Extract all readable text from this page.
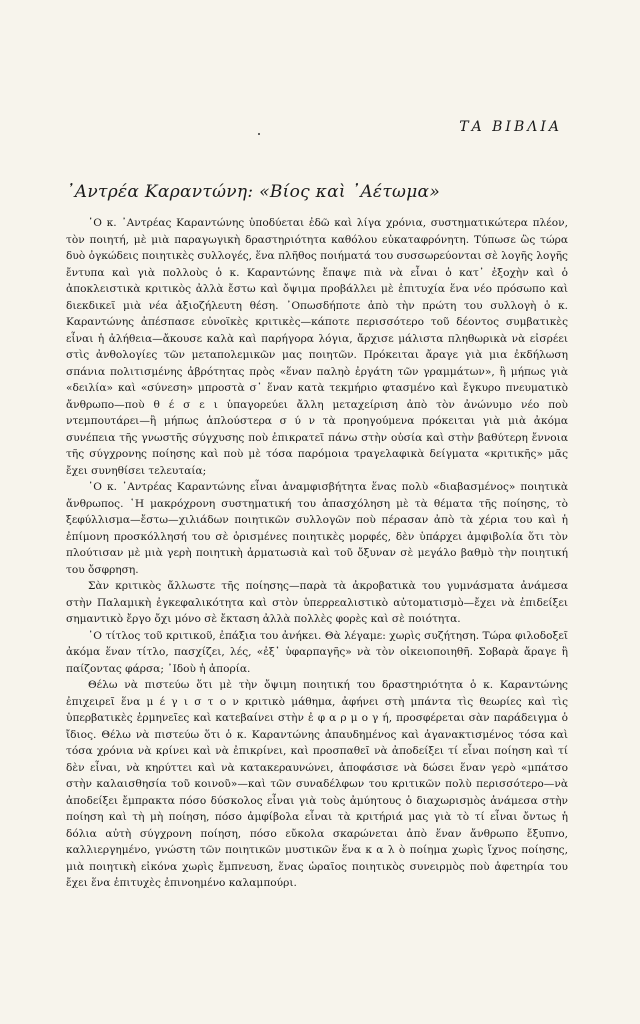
ΤΑ ΒΙΒΛΙΑ
᾽Αντρέα Καραντώνη: «Βίος καὶ ᾽Αέτωμα»

῾Ο κ. ᾽Αντρέας Καραντώνης ὑποδύεται ἐδῶ καὶ λίγα χρόνια, συστηματικώτερα πλέον, τὸν ποιητή, μὲ μιὰ παραγωγικὴ δραστηριότητα καθόλου εὐκαταφρόνητη. Τύπωσε ὣς τώρα δυὸ ὀγκώδεις ποιητικὲς συλλογές, ἕνα πλῆθος ποιήματά του συσσωρεύονται σὲ λογῆς λογῆς ἔντυπα καὶ γιὰ πολλοὺς ὁ κ. Καραντώνης ἔπαψε πιὰ νὰ εἶναι ὁ κατ᾽ ἐξοχὴν καὶ ὁ ἀποκλειστικὰ κριτικὸς ἀλλὰ ἔστω καὶ ὄψιμα προβάλλει μὲ ἐπιτυχία ἕνα νέο πρόσωπο καὶ διεκδικεῖ μιὰ νέα ἀξιοζήλευτη θέση. ᾽Οπωσδήποτε ἀπὸ τὴν πρώτη του συλλογὴ ὁ κ. Καραντώνης ἀπέσπασε εὐνοϊκὲς κριτικὲς—κάποτε περισσότερο τοῦ δέοντος συμβατικὲς εἶναι ἡ ἀλήθεια—ἄκουσε καλὰ καὶ παρήγορα λόγια, ἄρχισε μάλιστα πληθωρικὰ νὰ εἰσρέει στὶς ἀνθολογίες τῶν μεταπολεμικῶν μας ποιητῶν. Πρόκειται ἄραγε γιὰ μια ἐκδήλωση σπάνια πολιτισμένης ἀβρότητας πρὸς «ἕναν παληὸ ἐργάτη τῶν γραμμάτων», ἢ μήπως γιὰ «δειλία» καὶ «σύνεση» μπροστὰ σ᾽ ἕναν κατὰ τεκμήριο φτασμένο καὶ ἔγκυρο πνευματικὸ ἄνθρωπο—ποὺ θ έ σ ε ι ὑπαγορεύει ἄλλη μεταχείριση ἀπὸ τὸν ἀνώνυμο νέο ποὺ ντεμπουτάρει—ἢ μήπως ἁπλούστερα σ ύ ν τὰ προηγούμενα πρόκειται γιὰ μιὰ ἀκόμα συνέπεια τῆς γνωστῆς σύγχυσης ποὺ ἐπικρατεῖ πάνω στὴν οὐσία καὶ στὴν βαθύτερη ἔννοια τῆς σύγχρονης ποίησης καὶ ποὺ μὲ τόσα παρόμοια τραγελαφικὰ δείγματα «κριτικῆς» μᾶς ἔχει συνηθίσει τελευταία;

῾Ο κ. ᾽Αντρέας Καραντώνης εἶναι ἀναμφισβήτητα ἕνας πολὺ «διαβασμένος» ποιητικὰ ἄνθρωπος. ῾Η μακρόχρονη συστηματική του ἀπασχόληση μὲ τὰ θέματα τῆς ποίησης, τὸ ξεφύλλισμα—ἔστω—χιλιάδων ποιητικῶν συλλογῶν ποὺ πέρασαν ἀπὸ τὰ χέρια του καὶ ἡ ἐπίμονη προσκόλλησή του σὲ ὁρισμένες ποιητικὲς μορφές, δὲν ὑπάρχει ἀμφιβολία ὅτι τὸν πλούτισαν μὲ μιὰ γερὴ ποιητικὴ ἁρματωσιὰ καὶ τοῦ ὄξυναν σὲ μεγάλο βαθμὸ τὴν ποιητική του ὄσφρηση.

Σὰν κριτικὸς ἄλλωστε τῆς ποίησης—παρὰ τὰ ἀκροβατικὰ του γυμνάσματα ἀνάμεσα στὴν Παλαμικὴ ἐγκεφαλικότητα καὶ στὸν ὑπερρεαλιστικὸ αὐτοματισμὸ—ἔχει νὰ ἐπιδείξει σημαντικὸ ἔργο ὄχι μόνο σὲ ἔκταση ἀλλὰ πολλὲς φορὲς καὶ σὲ ποιότητα.

῾Ο τίτλος τοῦ κριτικοῦ, ἐπάξια του ἀνήκει. Θὰ λέγαμε: χωρὶς συζήτηση. Τώρα φιλοδοξεῖ ἀκόμα ἕναν τίτλο, πασχίζει, λές, «ἐξ᾽ ὑφαρπαγῆς» νὰ τὸν οἰκειοποιηθῆ. Σοβαρὰ ἄραγε ἢ παίζοντας φάρσα; ᾽Ιδοὺ ἡ ἀπορία.

Θέλω νὰ πιστεύω ὅτι μὲ τὴν ὄψιμη ποιητική του δραστηριότητα ὁ κ. Καραντώνης ἐπιχειρεῖ ἕνα μ έ γ ι σ τ ο ν κριτικὸ μάθημα, ἀφήνει στὴ μπάντα τὶς θεωρίες καὶ τὶς ὑπερβατικὲς ἑρμηνεῖες καὶ κατεβαίνει στὴν ἐ φ α ρ μ ο γ ή, προσφέρεται σὰν παράδειγμα ὁ ἴδιος. Θέλω νὰ πιστεύω ὅτι ὁ κ. Καραντώνης ἀπαυδημένος καὶ ἀγανακτισμένος τόσα καὶ τόσα χρόνια νὰ κρίνει καὶ νὰ ἐπικρίνει, καὶ προσπαθεῖ νὰ ἀποδείξει τί εἶναι ποίηση καὶ τί δὲν εἶναι, νὰ κηρύττει καὶ νὰ κατακεραυνώνει, ἀποφάσισε νὰ δώσει ἕναν γερὸ «μπάτσο στὴν καλαισθησία τοῦ κοινοῦ»—καὶ τῶν συναδέλφων του κριτικῶν πολὺ περισσότερο—νὰ ἀποδείξει ἔμπρακτα πόσο δύσκολος εἶναι γιὰ τοὺς ἀμύητους ὁ διαχωρισμὸς ἀνάμεσα στὴν ποίηση καὶ τὴ μὴ ποίηση, πόσο ἀμφίβολα εἶναι τὰ κριτήριά μας γιὰ τὸ τί εἶναι ὄντως ἡ δόλια αὐτὴ σύγχρονη ποίηση, πόσο εὔκολα σκαρώνεται ἀπὸ ἕναν ἄνθρωπο ἔξυπνο, καλλιεργημένο, γνώστη τῶν ποιητικῶν μυστικῶν ἕνα κ α λ ὸ ποίημα χωρὶς ἴχνος ποίησης, μιὰ ποιητικὴ εἰκόνα χωρὶς ἔμπνευση, ἕνας ὡραῖος ποιητικὸς συνειρμὸς ποὺ ἀφετηρία του ἔχει ἕνα ἐπιτυχὲς ἐπινοημένο καλαμπούρι.
